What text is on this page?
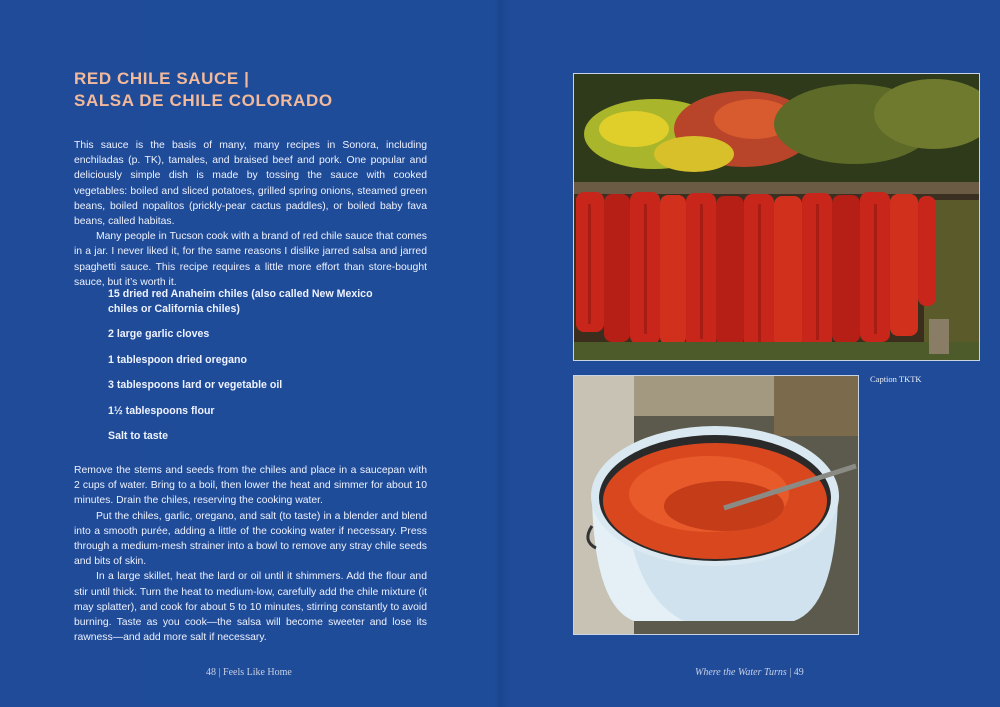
RED CHILE SAUCE |
SALSA DE CHILE COLORADO

This sauce is the basis of many, many recipes in Sonora, including enchiladas (p. TK), tamales, and braised beef and pork. One popular and deliciously simple dish is made by tossing the sauce with cooked vegetables: boiled and sliced potatoes, grilled spring onions, steamed green beans, boiled nopalitos (prickly-pear cactus paddles), or boiled baby fava beans, called habitas.

Many people in Tucson cook with a brand of red chile sauce that comes in a jar. I never liked it, for the same reasons I dislike jarred salsa and jarred spaghetti sauce. This recipe requires a little more effort than store-bought sauce, but it’s worth it.

15 dried red Anaheim chiles (also called New Mexico chiles or California chiles)

2 large garlic cloves

1 tablespoon dried oregano

3 tablespoons lard or vegetable oil

1½ tablespoons flour

Salt to taste

Remove the stems and seeds from the chiles and place in a saucepan with 2 cups of water. Bring to a boil, then lower the heat and simmer for about 10 minutes. Drain the chiles, reserving the cooking water.

Put the chiles, garlic, oregano, and salt (to taste) in a blender and blend into a smooth purée, adding a little of the cooking water if necessary. Press through a medium-mesh strainer into a bowl to remove any stray chile seeds and bits of skin.

In a large skillet, heat the lard or oil until it shimmers. Add the flour and stir until thick. Turn the heat to medium-low, carefully add the chile mixture (it may splatter), and cook for about 5 to 10 minutes, stirring constantly to avoid burning. Taste as you cook—the salsa will become sweeter and lose its rawness—and add more salt if necessary.

48 | Feels Like Home
Caption TKTK
Where the Water Turns | 49
